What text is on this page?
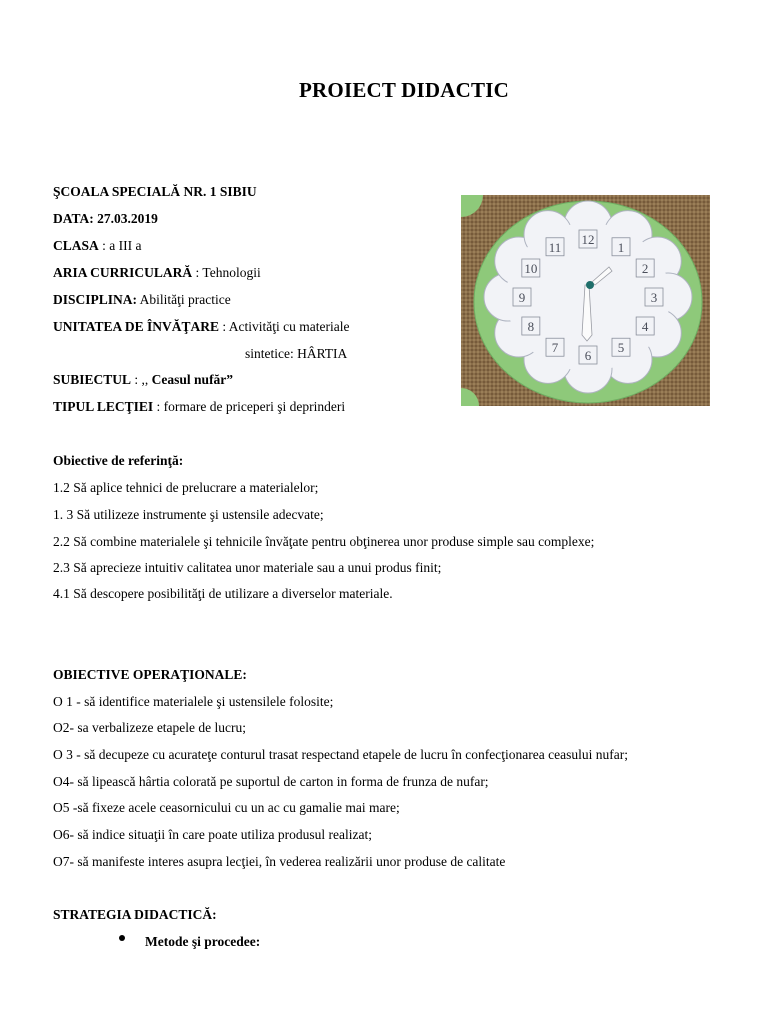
PROIECT DIDACTIC
ŞCOALA SPECIALĂ NR. 1 SIBIU
DATA: 27.03.2019
CLASA : a III a
ARIA CURRICULARĂ : Tehnologii
DISCIPLINA: Abilităţi practice
UNITATEA DE ÎNVĂŢARE : Activităţi cu materiale
sintetice: HÂRTIA
SUBIECTUL : ,, Ceasul nufăr”
TIPUL LECŢIEI : formare de priceperi şi deprinderi
12
1
2
3
4
5
6
7
8
9
10
11
Obiective de referinţă:
1.2 Să aplice tehnici de prelucrare a materialelor;
1. 3 Să utilizeze instrumente şi ustensile adecvate;
2.2 Să combine materialele şi tehnicile învăţate pentru obţinerea unor produse simple sau complexe;
2.3 Să aprecieze intuitiv calitatea unor materiale sau a unui produs finit;
4.1 Să descopere posibilităţi de utilizare a diverselor materiale.
OBIECTIVE OPERAŢIONALE:
O 1 - să identifice materialele şi ustensilele folosite;
O2- sa verbalizeze etapele de lucru;
O 3 - să decupeze cu acurateţe conturul trasat respectand etapele de lucru în confecţionarea ceasului nufar;
O4- să lipească hârtia colorată pe suportul de carton in forma de frunza de nufar;
O5 -să fixeze acele ceasornicului cu un ac cu gamalie mai mare;
O6- să indice situaţii în care poate utiliza produsul realizat;
O7- să manifeste interes asupra lecţiei, în vederea realizării unor produse de calitate
STRATEGIA DIDACTICĂ:
Metode şi procedee:
